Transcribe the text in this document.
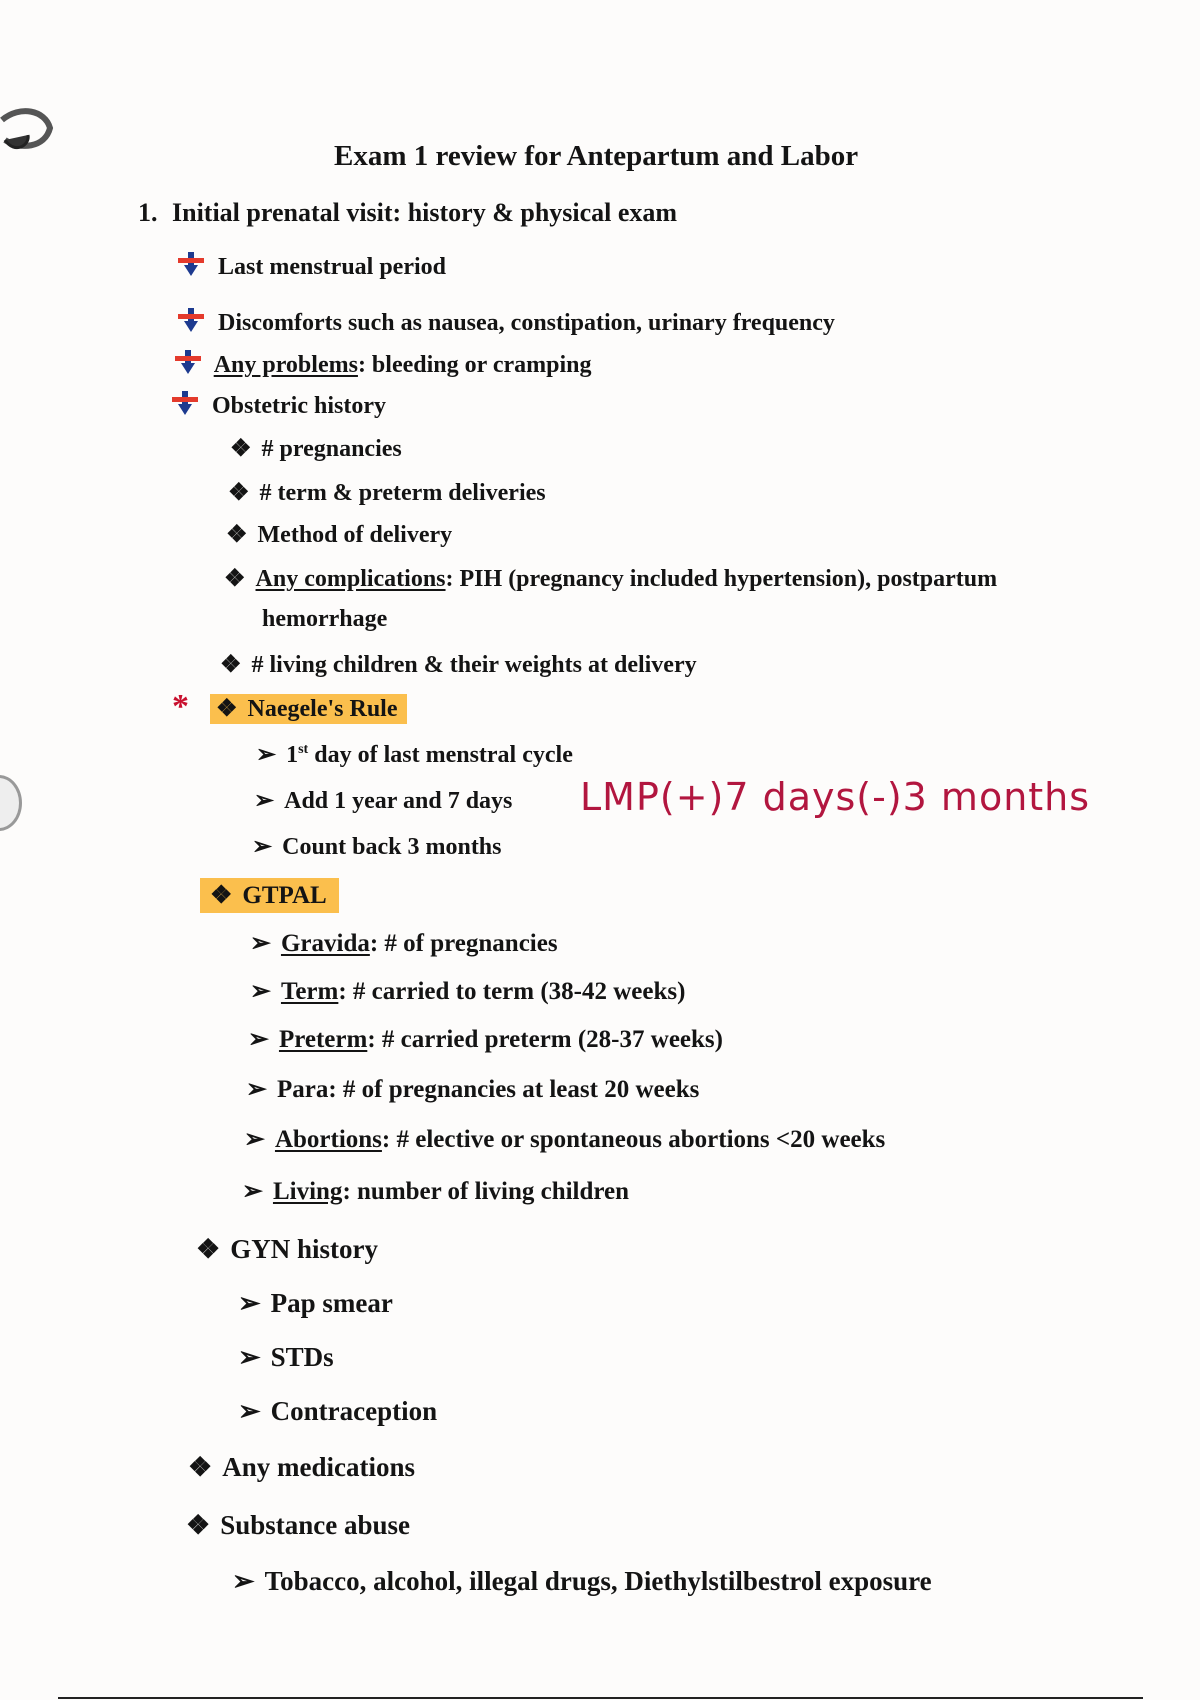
Exam 1 review for Antepartum and Labor
1. Initial prenatal visit: history & physical exam
Last menstrual period
Discomforts such as nausea, constipation, urinary frequency
Any problems: bleeding or cramping
Obstetric history
❖ # pregnancies
❖ # term & preterm deliveries
❖ Method of delivery
❖ Any complications: PIH (pregnancy included hypertension), postpartum
hemorrhage
❖ # living children & their weights at delivery
* ❖ Naegele's Rule
➢ 1st day of last menstral cycle
➢ Add 1 year and 7 days LMP(+)7 days(-)3 months
➢ Count back 3 months
❖ GTPAL
➢ Gravida: # of pregnancies
➢ Term: # carried to term (38-42 weeks)
➢ Preterm: # carried preterm (28-37 weeks)
➢ Para: # of pregnancies at least 20 weeks
➢ Abortions: # elective or spontaneous abortions <20 weeks
➢ Living: number of living children
❖ GYN history
➢ Pap smear
➢ STDs
➢ Contraception
❖ Any medications
❖ Substance abuse
➢ Tobacco, alcohol, illegal drugs, Diethylstilbestrol exposure
